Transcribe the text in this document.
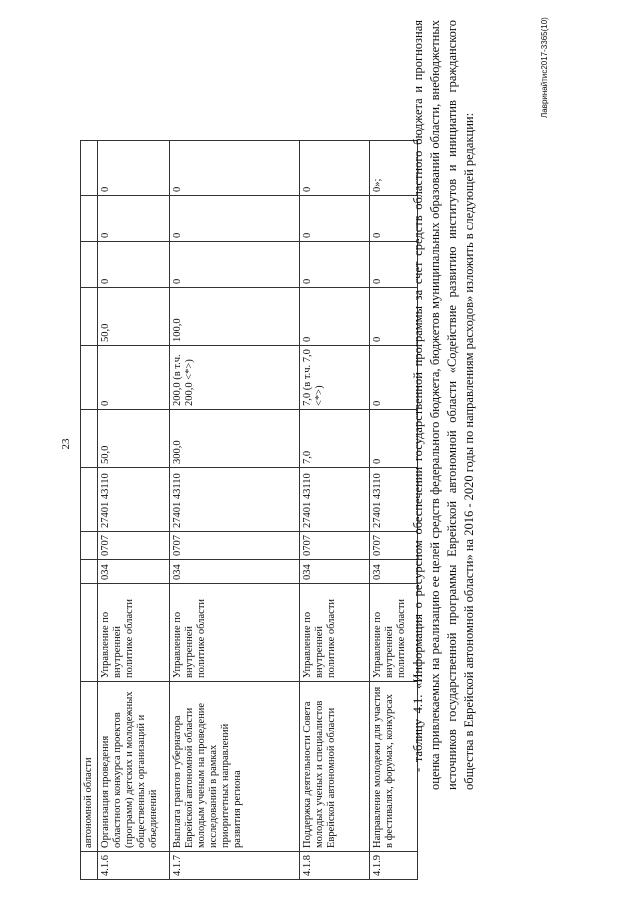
23
Лавринайтис2017-3365(10)
	автономной области										
4.1.6	Организация проведения областного конкурса проектов (программ) детских и молодежных общественных организаций и объединений	Управление по внутренней политике области	034	0707	27401 43110	50,0	0	50,0	0	0	0
4.1.7	Выплата грантов губернатора Еврейской автономной области молодым ученым на проведение исследований в рамках приоритетных направлений развития региона	Управление по внутренней политике области	034	0707	27401 43110	300,0	200,0 (в т.ч. 200,0 <*>)	100,0	0	0	0
4.1.8	Поддержка деятельности Совета молодых ученых и специалистов Еврейской автономной области	Управление по внутренней политике области	034	0707	27401 43110	7,0	7,0 (в т.ч. 7,0 <*>)	0	0	0	0
4.1.9	Направление молодежи для участия в фестивалях, форумах, конкурсах	Управление по внутренней политике области	034	0707	27401 43110	0	0	0	0	0	0»; - таблицу 4.1. «Информация о ресурсном обеспечении государственной программы за счет средств областного бюджета и прогнозная оценка привлекаемых на реализацию ее целей средств федерального бюджета, бюджетов муниципальных образований области, внебюджетных источников государственной программы Еврейской автономной области «Содействие развитию институтов и инициатив гражданского общества в Еврейской автономной области» на 2016 - 2020 годы по направлениям расходов» изложить в следующей редакции:
